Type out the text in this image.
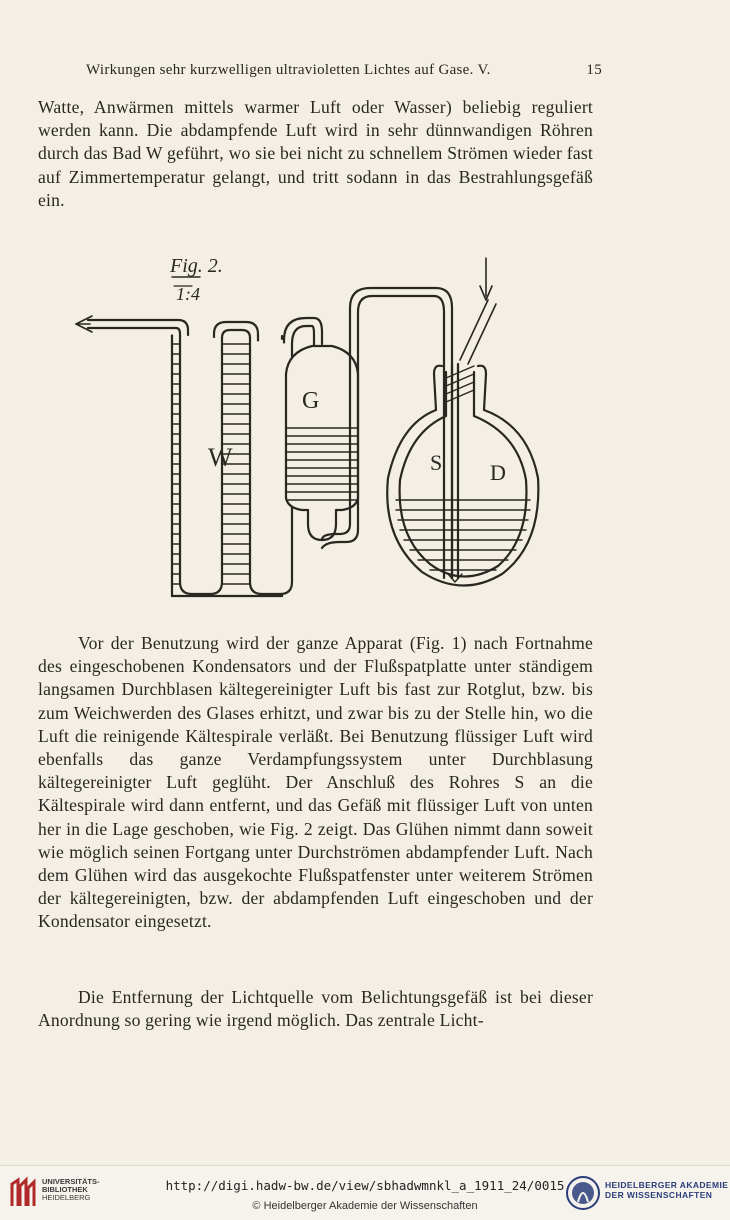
Wirkungen sehr kurzwelligen ultravioletten Lichtes auf Gase. V.	15

Watte, Anwärmen mittels warmer Luft oder Wasser) beliebig reguliert werden kann. Die abdampfende Luft wird in sehr dünnwandigen Röhren durch das Bad W geführt, wo sie bei nicht zu schnellem Strömen wieder fast auf Zimmertemperatur gelangt, und tritt sodann in das Bestrahlungsgefäß ein.

Fig. 2.
1:4
G
S D
W

Vor der Benutzung wird der ganze Apparat (Fig. 1) nach Fortnahme des eingeschobenen Kondensators und der Flußspatplatte unter ständigem langsamen Durchblasen kältegereinigter Luft bis fast zur Rotglut, bzw. bis zum Weichwerden des Glases erhitzt, und zwar bis zu der Stelle hin, wo die Luft die reinigende Kältespirale verläßt. Bei Benutzung flüssiger Luft wird ebenfalls das ganze Verdampfungssystem unter Durchblasung kältegereinigter Luft geglüht. Der Anschluß des Rohres S an die Kältespirale wird dann entfernt, und das Gefäß mit flüssiger Luft von unten her in die Lage geschoben, wie Fig. 2 zeigt. Das Glühen nimmt dann soweit wie möglich seinen Fortgang unter Durchströmen abdampfender Luft. Nach dem Glühen wird das ausgekochte Flußspatfenster unter weiterem Strömen der kältegereinigten, bzw. der abdampfenden Luft eingeschoben und der Kondensator eingesetzt.

Die Entfernung der Lichtquelle vom Belichtungsgefäß ist bei dieser Anordnung so gering wie irgend möglich. Das zentrale Licht-

UNIVERSITÄTS-
BIBLIOTHEK
HEIDELBERG
http://digi.hadw-bw.de/view/sbhadwmnkl_a_1911_24/0015
© Heidelberger Akademie der Wissenschaften
HEIDELBERGER AKADEMIE
DER WISSENSCHAFTEN
